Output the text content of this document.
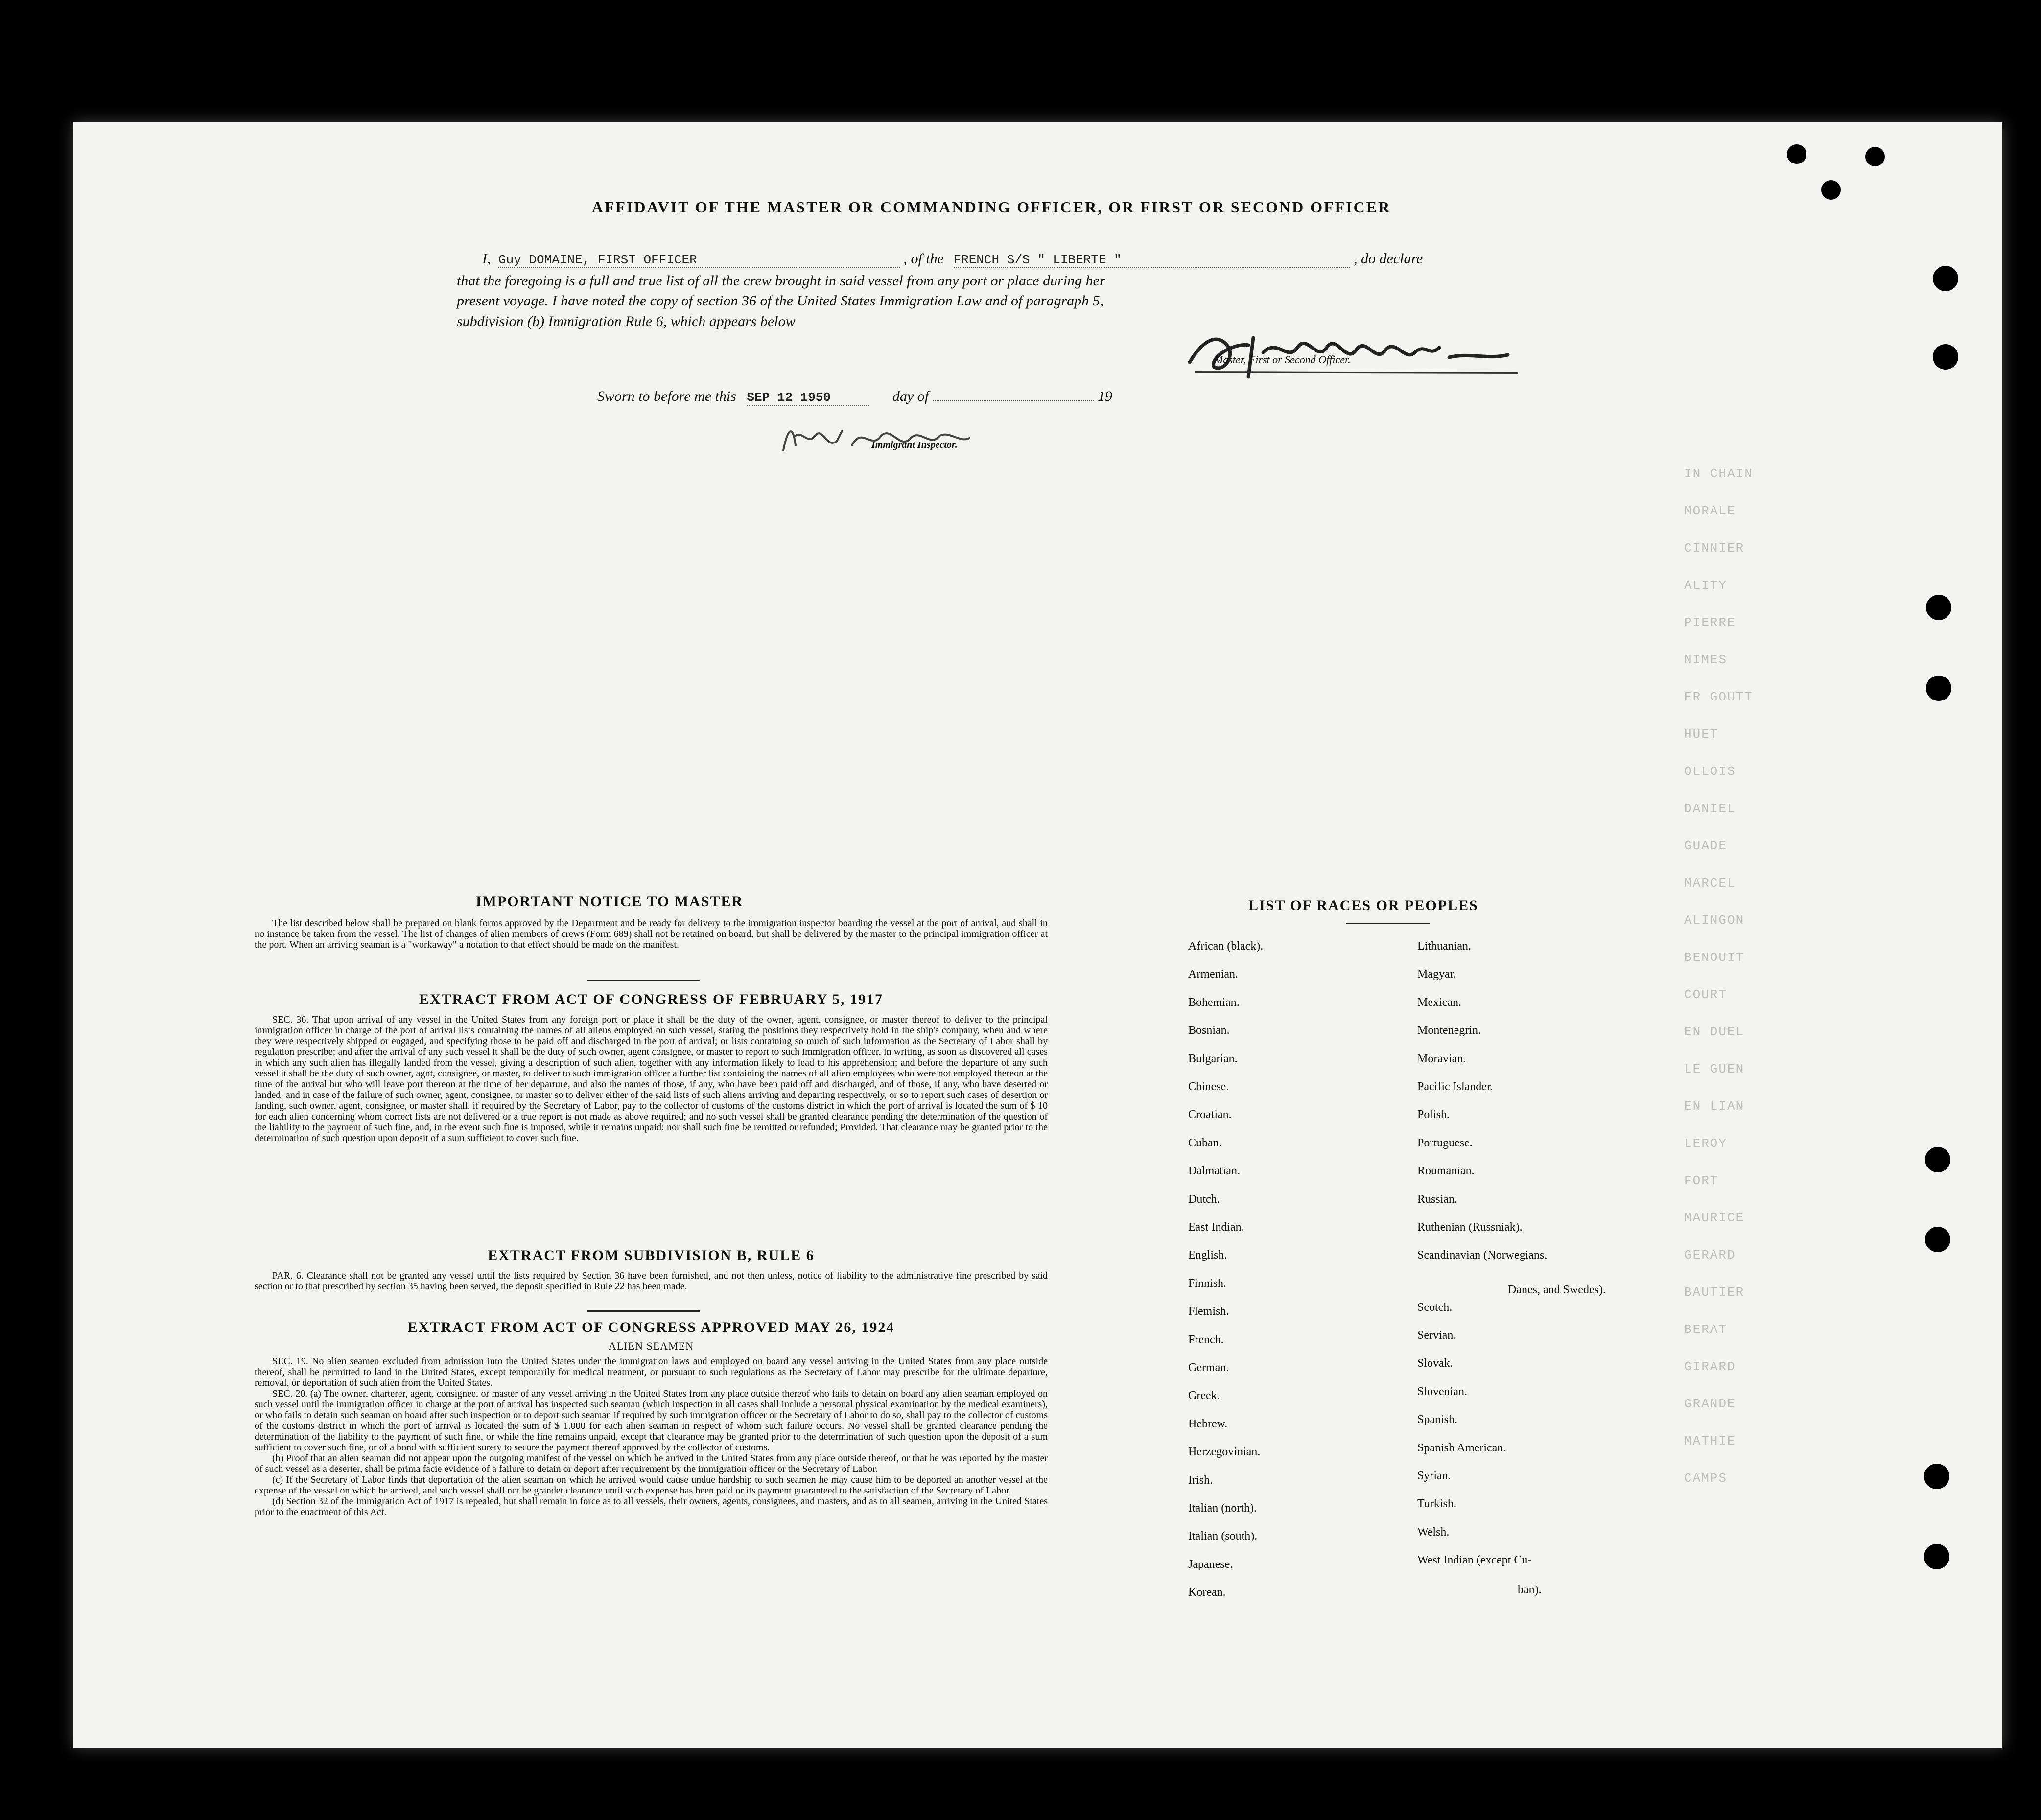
IN CHAIN
MORALE
CINNIER
ALITY
PIERRE
NIMES
ER GOUTT
HUET
OLLOIS
DANIEL
GUADE
MARCEL
ALINGON
BENOUIT
COURT
EN DUEL
LE GUEN
EN LIAN
LEROY
FORT
MAURICE
GERARD
BAUTIER
BERAT
GIRARD
GRANDE
MATHIE
CAMPS
AFFIDAVIT OF THE MASTER OR COMMANDING OFFICER, OR FIRST OR SECOND OFFICER
I, Guy DOMAINE, FIRST OFFICER	, of the FRENCH S/S " LIBERTE "	, do declare
that the foregoing is a full and true list of all the crew brought in said vessel from any port or place during her
present voyage. I have noted the copy of section 36 of the United States Immigration Law and of paragraph 5,
subdivision (b) Immigration Rule 6, which appears below
Master, First or Second Officer.
Sworn to before me this SEP 12 1950	day of	19
Immigrant Inspector.
IMPORTANT NOTICE TO MASTER

The list described below shall be prepared on blank forms approved by the Department and be ready for delivery to the immigration inspector boarding the vessel at the port of arrival, and shall in no instance be taken from the vessel. The list of changes of alien members of crews (Form 689) shall not be retained on board, but shall be delivered by the master to the principal immigration officer at the port. When an arriving seaman is a "workaway" a notation to that effect should be made on the manifest.

EXTRACT FROM ACT OF CONGRESS OF FEBRUARY 5, 1917

SEC. 36. That upon arrival of any vessel in the United States from any foreign port or place it shall be the duty of the owner, agent, consignee, or master thereof to deliver to the principal immigration officer in charge of the port of arrival lists containing the names of all aliens employed on such vessel, stating the positions they respectively hold in the ship's company, when and where they were respectively shipped or engaged, and specifying those to be paid off and discharged in the port of arrival; or lists containing so much of such information as the Secretary of Labor shall by regulation prescribe; and after the arrival of any such vessel it shall be the duty of such owner, agent consignee, or master to report to such immigration officer, in writing, as soon as discovered all cases in which any such alien has illegally landed from the vessel, giving a description of such alien, together with any information likely to lead to his apprehension; and before the departure of any such vessel it shall be the duty of such owner, agnt, consignee, or master, to deliver to such immigration officer a further list containing the names of all alien employees who were not employed thereon at the time of the arrival but who will leave port thereon at the time of her departure, and also the names of those, if any, who have been paid off and discharged, and of those, if any, who have deserted or landed; and in case of the failure of such owner, agent, consignee, or master so to deliver either of the said lists of such aliens arriving and departing respectively, or so to report such cases of desertion or landing, such owner, agent, consignee, or master shall, if required by the Secretary of Labor, pay to the collector of customs of the customs district in which the port of arrival is located the sum of $ 10 for each alien concerning whom correct lists are not delivered or a true report is not made as above required; and no such vessel shall be granted clearance pending the determination of the question of the liability to the payment of such fine, and, in the event such fine is imposed, while it remains unpaid; nor shall such fine be remitted or refunded; Provided. That clearance may be granted prior to the determination of such question upon deposit of a sum sufficient to cover such fine.

EXTRACT FROM SUBDIVISION B, RULE 6

PAR. 6. Clearance shall not be granted any vessel until the lists required by Section 36 have been furnished, and not then unless, notice of liability to the administrative fine prescribed by said section or to that prescribed by section 35 having been served, the deposit specified in Rule 22 has been made.

EXTRACT FROM ACT OF CONGRESS APPROVED MAY 26, 1924
ALIEN SEAMEN

SEC. 19. No alien seamen excluded from admission into the United States under the immigration laws and employed on board any vessel arriving in the United States from any place outside thereof, shall be permitted to land in the United States, except temporarily for medical treatment, or pursuant to such regulations as the Secretary of Labor may prescribe for the ultimate departure, removal, or deportation of such alien from the United States.

SEC. 20. (a) The owner, charterer, agent, consignee, or master of any vessel arriving in the United States from any place outside thereof who fails to detain on board any alien seaman employed on such vessel until the immigration officer in charge at the port of arrival has inspected such seaman (which inspection in all cases shall include a personal physical examination by the medical examiners), or who fails to detain such seaman on board after such inspection or to deport such seaman if required by such immigration officer or the Secretary of Labor to do so, shall pay to the collector of customs of the customs district in which the port of arrival is located the sum of $ 1.000 for each alien seaman in respect of whom such failure occurs. No vessel shall be granted clearance pending the determination of the liability to the payment of such fine, or while the fine remains unpaid, except that clearance may be granted prior to the determination of such question upon the deposit of a sum sufficient to cover such fine, or of a bond with sufficient surety to secure the payment thereof approved by the collector of customs.

(b) Proof that an alien seaman did not appear upon the outgoing manifest of the vessel on which he arrived in the United States from any place outside thereof, or that he was reported by the master of such vessel as a deserter, shall be prima facie evidence of a failure to detain or deport after requirement by the immigration officer or the Secretary of Labor.

(c) If the Secretary of Labor finds that deportation of the alien seaman on which he arrived would cause undue hardship to such seamen he may cause him to be deported an another vessel at the expense of the vessel on which he arrived, and such vessel shall not be grandet clearance until such expense has been paid or its payment guaranteed to the satisfaction of the Secretary of Labor.

(d) Section 32 of the Immigration Act of 1917 is repealed, but shall remain in force as to all vessels, their owners, agents, consignees, and masters, and as to all seamen, arriving in the United States prior to the enactment of this Act.

LIST OF RACES OR PEOPLES
Danes, and Swedes).
ban).
African (black).
Armenian.
Bohemian.
Bosnian.
Bulgarian.
Chinese.
Croatian.
Cuban.
Dalmatian.
Dutch.
East Indian.
English.
Finnish.
Flemish.
French.
German.
Greek.
Hebrew.
Herzegovinian.
Irish.
Italian (north).
Italian (south).
Japanese.
Korean.
Lithuanian.
Magyar.
Mexican.
Montenegrin.
Moravian.
Pacific Islander.
Polish.
Portuguese.
Roumanian.
Russian.
Ruthenian (Russniak).
Scandinavian (Norwegians,
Scotch.
Servian.
Slovak.
Slovenian.
Spanish.
Spanish American.
Syrian.
Turkish.
Welsh.
West Indian (except Cu-
